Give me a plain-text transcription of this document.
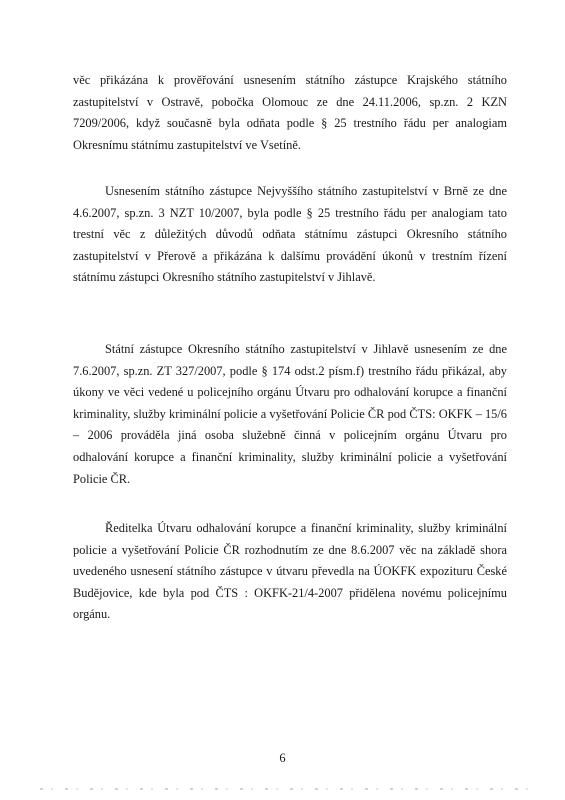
věc přikázána k prověřování usnesením státního zástupce Krajského státního zastupitelství v Ostravě, pobočka Olomouc ze dne 24.11.2006, sp.zn. 2 KZN 7209/2006, když současně byla odňata podle § 25 trestního řádu per analogiam Okresnímu státnímu zastupitelství ve Vsetíně.

Usnesením státního zástupce Nejvyššího státního zastupitelství v Brně ze dne 4.6.2007, sp.zn. 3 NZT 10/2007, byla podle § 25 trestního řádu per analogiam tato trestní věc z důležitých důvodů odňata státnímu zástupci Okresního státního zastupitelství v Přerově a přikázána k dalšímu provádění úkonů v trestním řízení státnímu zástupci Okresního státního zastupitelství v Jihlavě.

Státní zástupce Okresního státního zastupitelství v Jihlavě usnesením ze dne 7.6.2007, sp.zn. ZT 327/2007, podle § 174 odst.2 písm.f) trestního řádu přikázal, aby úkony ve věci vedené u policejního orgánu Útvaru pro odhalování korupce a finanční kriminality, služby kriminální policie a vyšetřování Policie ČR pod ČTS: OKFK – 15/6 – 2006 prováděla jiná osoba služebně činná v policejním orgánu Útvaru pro odhalování korupce a finanční kriminality, služby kriminální policie a vyšetřování Policie ČR.

Ředitelka Útvaru odhalování korupce a finanční kriminality, služby kriminální policie a vyšetřování Policie ČR rozhodnutím ze dne 8.6.2007 věc na základě shora uvedeného usnesení státního zástupce v útvaru převedla na ÚOKFK expozituru České Budějovice, kde byla pod ČTS : OKFK-21/4-2007 přidělena novému policejnímu orgánu.

6
